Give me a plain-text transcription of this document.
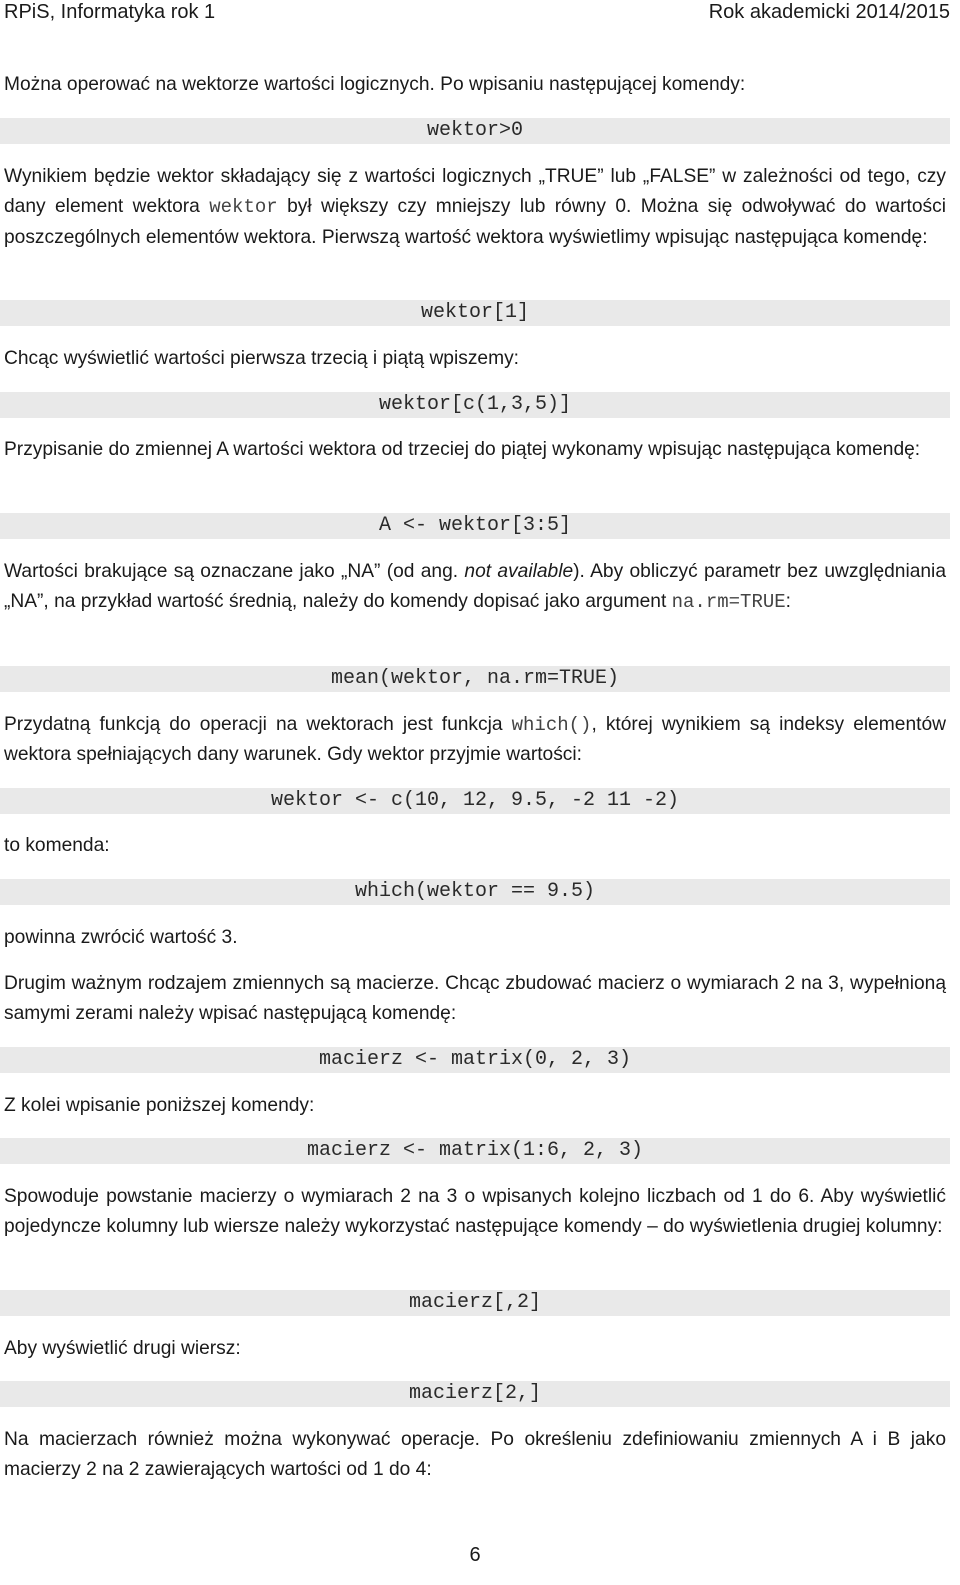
RPiS, Informatyka rok 1	Rok akademicki 2014/2015

Można operować na wektorze wartości logicznych. Po wpisaniu następującej komendy:

wektor>0

Wynikiem będzie wektor składający się z wartości logicznych „TRUE” lub „FALSE” w zależności od tego, czy dany element wektora wektor był większy czy mniejszy lub równy 0. Można się odwoływać do wartości poszczególnych elementów wektora. Pierwszą wartość wektora wyświetlimy wpisując następująca komendę:

wektor[1]

Chcąc wyświetlić wartości pierwsza trzecią i piątą wpiszemy:

wektor[c(1,3,5)]

Przypisanie do zmiennej A wartości wektora od trzeciej do piątej wykonamy wpisując następująca komendę:

A <- wektor[3:5]

Wartości brakujące są oznaczane jako „NA” (od ang. not available). Aby obliczyć parametr bez uwzględniania „NA”, na przykład wartość średnią, należy do komendy dopisać jako argument na.rm=TRUE:

mean(wektor, na.rm=TRUE)

Przydatną funkcją do operacji na wektorach jest funkcja which(), której wynikiem są indeksy elementów wektora spełniających dany warunek. Gdy wektor przyjmie wartości:

wektor <- c(10, 12, 9.5, -2 11 -2)

to komenda:

which(wektor == 9.5)

powinna zwrócić wartość 3.

Drugim ważnym rodzajem zmiennych są macierze. Chcąc zbudować macierz o wymiarach 2 na 3, wypełnioną samymi zerami należy wpisać następującą komendę:

macierz <- matrix(0, 2, 3)

Z kolei wpisanie poniższej komendy:

macierz <- matrix(1:6, 2, 3)

Spowoduje powstanie macierzy o wymiarach 2 na 3 o wpisanych kolejno liczbach od 1 do 6. Aby wyświetlić pojedyncze kolumny lub wiersze należy wykorzystać następujące komendy – do wyświetlenia drugiej kolumny:

macierz[,2]

Aby wyświetlić drugi wiersz:

macierz[2,]

Na macierzach również można wykonywać operacje. Po określeniu zdefiniowaniu zmiennych A i B jako macierzy 2 na 2 zawierających wartości od 1 do 4:

6
